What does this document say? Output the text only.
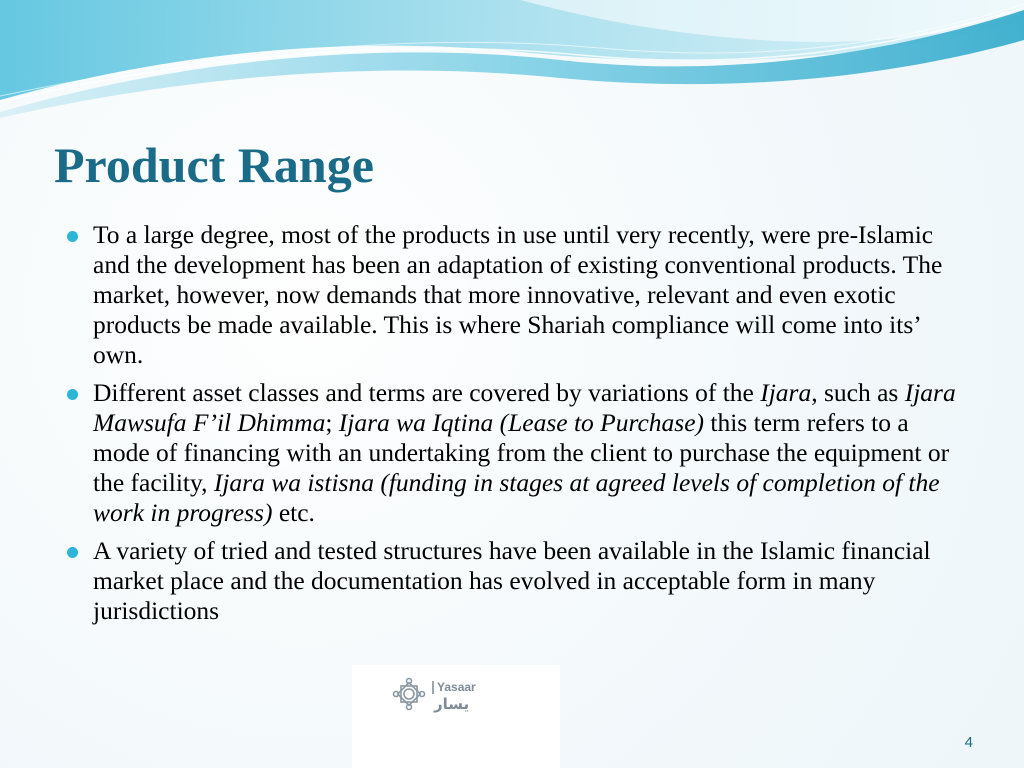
Product Range
To a large degree, most of the products in use until very recently, were pre-Islamic and the development has been an adaptation of existing conventional products. The market, however, now demands that more innovative, relevant and even exotic products be made available. This is where Shariah compliance will come into its’ own.
Different asset classes and terms are covered by variations of the Ijara, such as Ijara Mawsufa F’il Dhimma; Ijara wa Iqtina (Lease to Purchase) this term refers to a mode of financing with an undertaking from the client to purchase the equipment or the facility, Ijara wa istisna (funding in stages at agreed levels of completion of the work in progress) etc.
A variety of tried and tested structures have been available in the Islamic financial market place and the documentation has evolved in acceptable form in many jurisdictions
Yasaar
يسار
4
